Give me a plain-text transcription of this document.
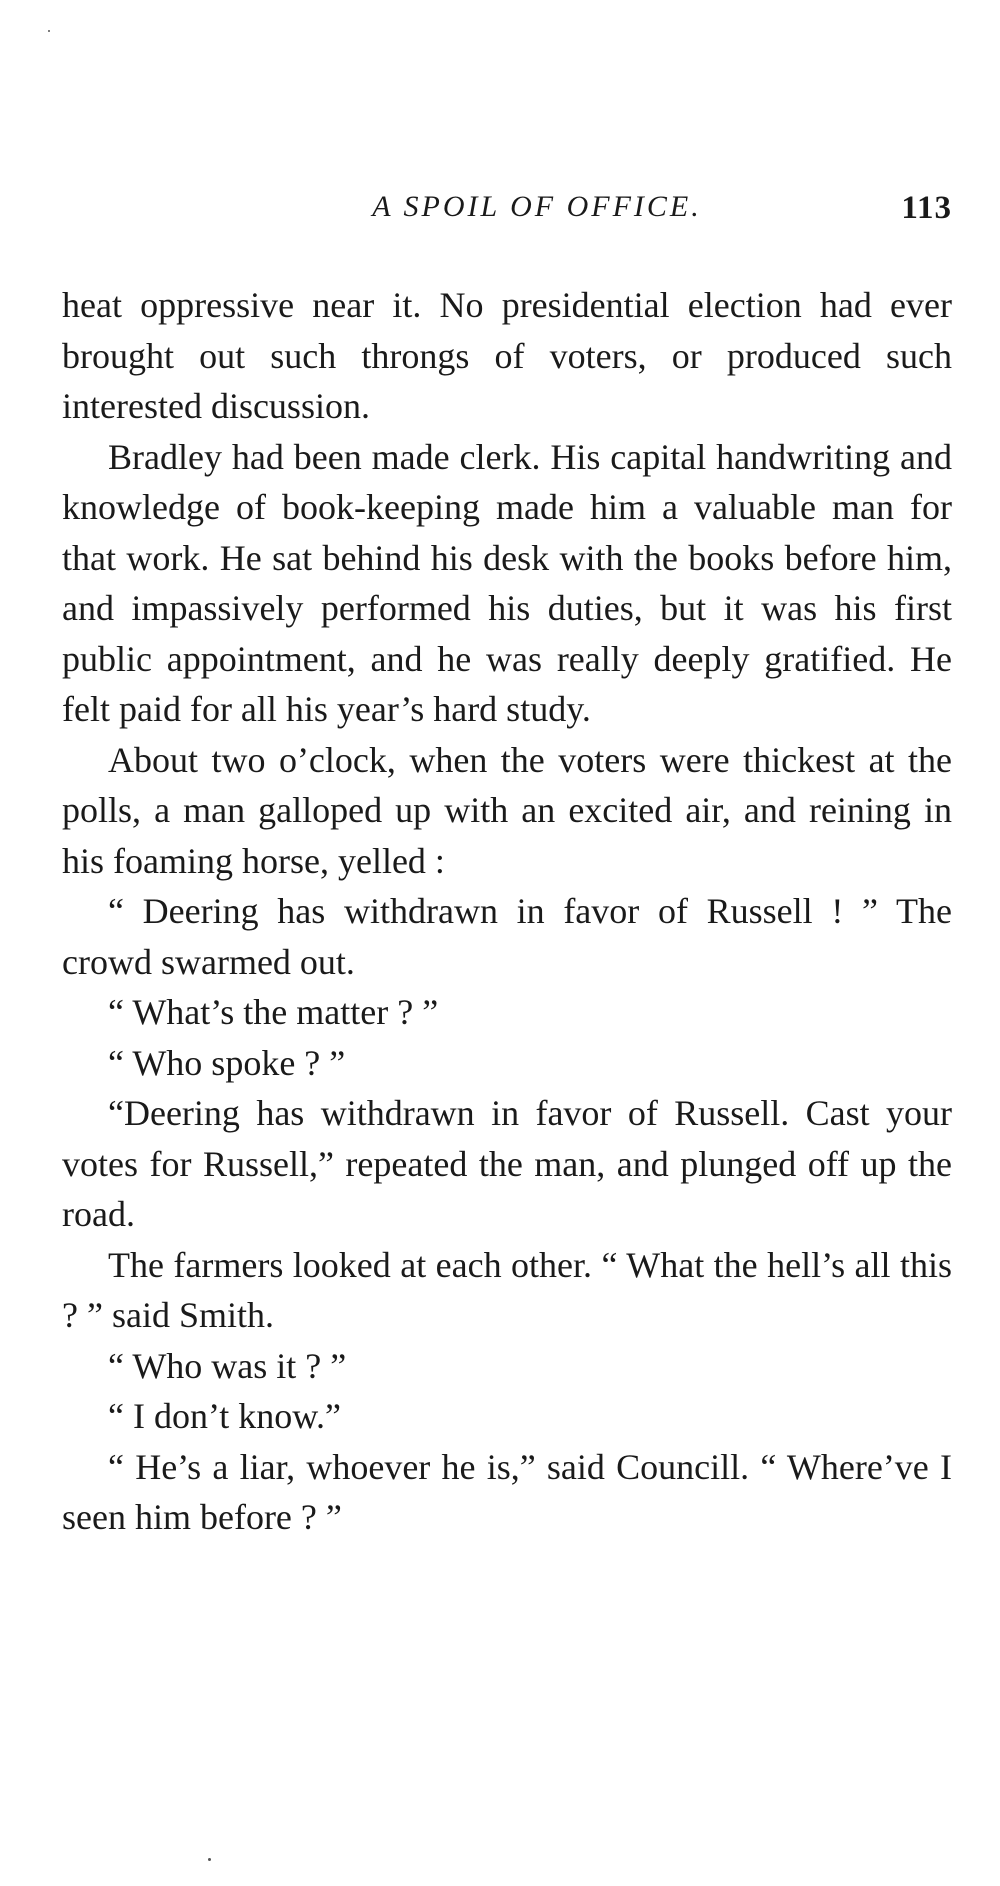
A SPOIL OF OFFICE.	113

heat oppressive near it. No presidential election had ever brought out such throngs of voters, or produced such interested discussion.

Bradley had been made clerk. His capital handwriting and knowledge of book-keeping made him a valuable man for that work. He sat behind his desk with the books before him, and impassively performed his duties, but it was his first public appointment, and he was really deeply gratified. He felt paid for all his year’s hard study.

About two o’clock, when the voters were thickest at the polls, a man galloped up with an excited air, and reining in his foaming horse, yelled :

“ Deering has withdrawn in favor of Russell ! ” The crowd swarmed out.

“ What’s the matter ? ”

“ Who spoke ? ”

“Deering has withdrawn in favor of Russell. Cast your votes for Russell,” repeated the man, and plunged off up the road.

The farmers looked at each other. “ What the hell’s all this ? ” said Smith.

“ Who was it ? ”

“ I don’t know.”

“ He’s a liar, whoever he is,” said Councill. “ Where’ve I seen him before ? ”
